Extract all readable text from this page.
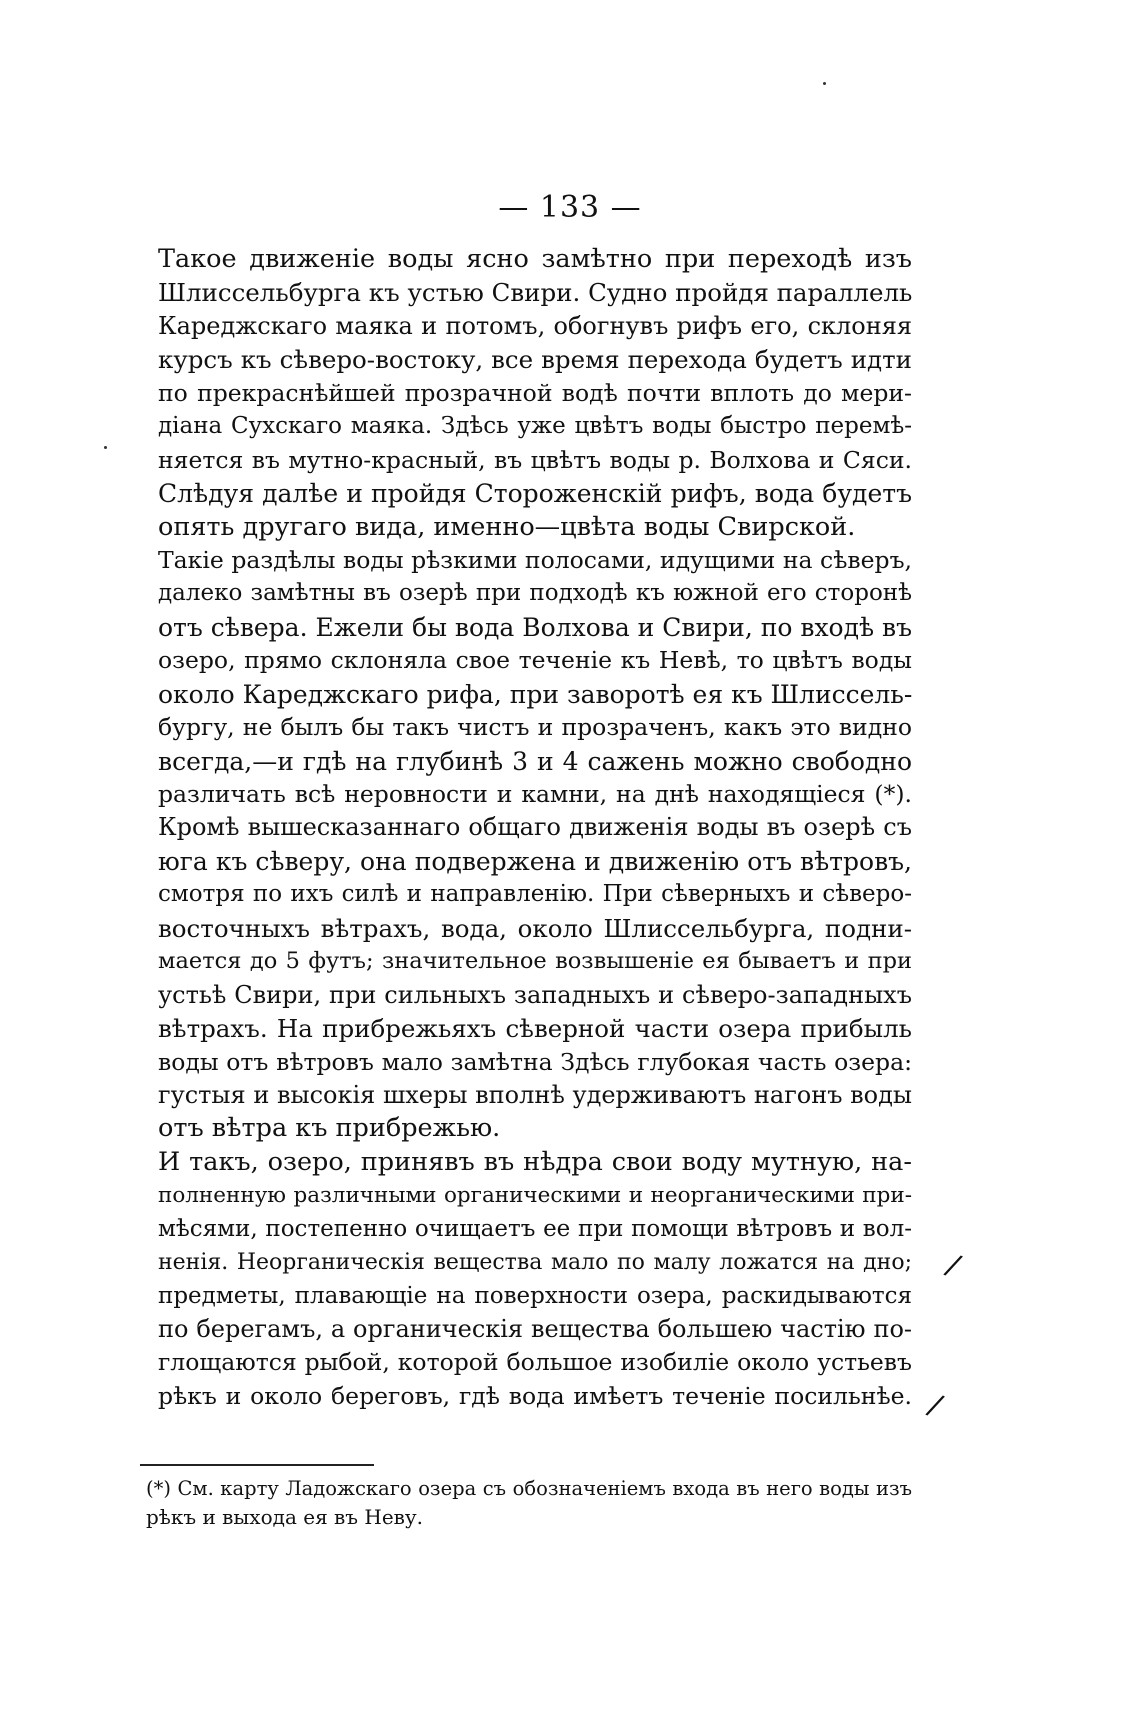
— 133 —
Такое движеніе воды ясно замѣтно при переходѣ изъ
Шлиссельбурга къ устью Свири. Судно пройдя параллель
Кареджскаго маяка и потомъ, обогнувъ рифъ его, склоняя
курсъ къ сѣверо-востоку, все время перехода будетъ идти
по прекраснѣйшей прозрачной водѣ почти вплоть до мери-
діана Сухскаго маяка. Здѣсь уже цвѣтъ воды быстро перемѣ-
няется въ мутно-красный, въ цвѣтъ воды р. Волхова и Сяси.
Слѣдуя далѣе и пройдя Стороженскій рифъ, вода будетъ
опять другаго вида, именно—цвѣта воды Свирской.
Такіе раздѣлы воды рѣзкими полосами, идущими на сѣверъ,
далеко замѣтны въ озерѣ при подходѣ къ южной его сторонѣ
отъ сѣвера. Ежели бы вода Волхова и Свири, по входѣ въ
озеро, прямо склоняла свое теченіе къ Невѣ, то цвѣтъ воды
около Кареджскаго рифа, при заворотѣ ея къ Шлиссель-
бургу, не былъ бы такъ чистъ и прозраченъ, какъ это видно
всегда,—и гдѣ на глубинѣ 3 и 4 сажень можно свободно
различать всѣ неровности и камни, на днѣ находящіеся (*).
Кромѣ вышесказаннаго общаго движенія воды въ озерѣ съ
юга къ сѣверу, она подвержена и движенію отъ вѣтровъ,
смотря по ихъ силѣ и направленію. При сѣверныхъ и сѣверо-
восточныхъ вѣтрахъ, вода, около Шлиссельбурга, подни-
мается до 5 футъ; значительное возвышеніе ея бываетъ и при
устьѣ Свири, при сильныхъ западныхъ и сѣверо-западныхъ
вѣтрахъ. На прибрежьяхъ сѣверной части озера прибыль
воды отъ вѣтровъ мало замѣтна Здѣсь глубокая часть озера:
густыя и высокія шхеры вполнѣ удерживаютъ нагонъ воды
отъ вѣтра къ прибрежью.
И такъ, озеро, принявъ въ нѣдра свои воду мутную, на-
полненную различными органическими и неорганическими при-
мѣсями, постепенно очищаетъ ее при помощи вѣтровъ и вол-
ненія. Неорганическія вещества мало по малу ложатся на дно;
предметы, плавающіе на поверхности озера, раскидываются
по берегамъ, а органическія вещества большею частію по-
глощаются рыбой, которой большое изобиліе около устьевъ
рѣкъ и около береговъ, гдѣ вода имѣетъ теченіе посильнѣе.
(*) См. карту Ладожскаго озера съ обозначеніемъ входа въ него воды изъ
рѣкъ и выхода ея въ Неву.
/
/
